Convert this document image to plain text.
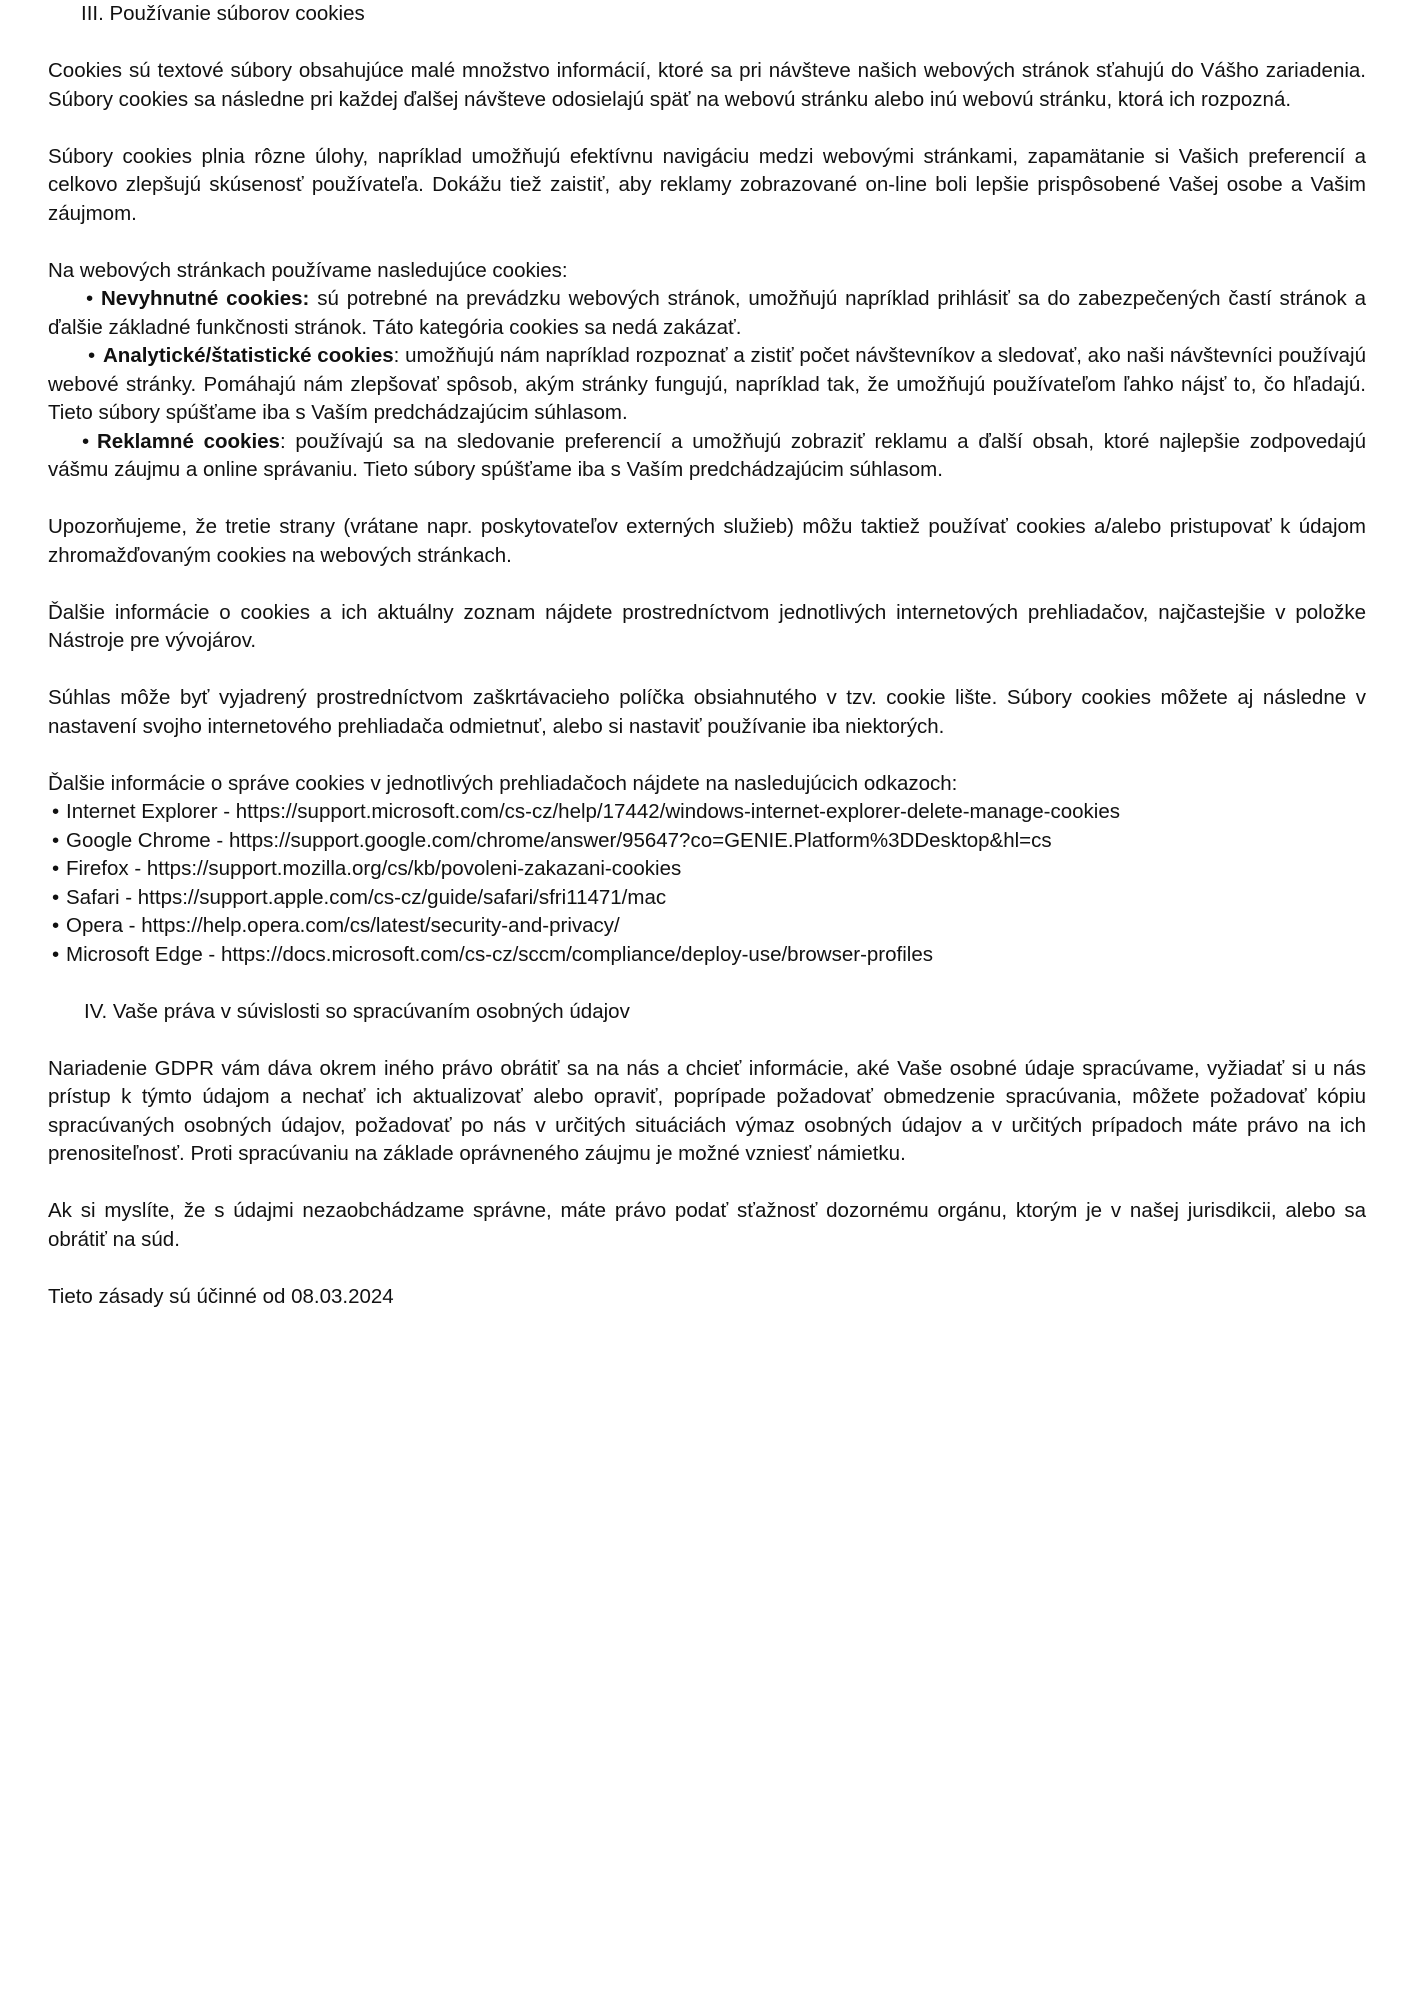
III. Používanie súborov cookies

Cookies sú textové súbory obsahujúce malé množstvo informácií, ktoré sa pri návšteve našich webových stránok sťahujú do Vášho zariadenia. Súbory cookies sa následne pri každej ďalšej návšteve odosielajú späť na webovú stránku alebo inú webovú stránku, ktorá ich rozpozná.

Súbory cookies plnia rôzne úlohy, napríklad umožňujú efektívnu navigáciu medzi webovými stránkami, zapamätanie si Vašich preferencií a celkovo zlepšujú skúsenosť používateľa. Dokážu tiež zaistiť, aby reklamy zobrazované on-line boli lepšie prispôsobené Vašej osobe a Vašim záujmom.

Na webových stránkach používame nasledujúce cookies:

• Nevyhnutné cookies: sú potrebné na prevádzku webových stránok, umožňujú napríklad prihlásiť sa do zabezpečených častí stránok a ďalšie základné funkčnosti stránok. Táto kategória cookies sa nedá zakázať.

• Analytické/štatistické cookies: umožňujú nám napríklad rozpoznať a zistiť počet návštevníkov a sledovať, ako naši návštevníci používajú webové stránky. Pomáhajú nám zlepšovať spôsob, akým stránky fungujú, napríklad tak, že umožňujú používateľom ľahko nájsť to, čo hľadajú. Tieto súbory spúšťame iba s Vaším predchádzajúcim súhlasom.

• Reklamné cookies: používajú sa na sledovanie preferencií a umožňujú zobraziť reklamu a ďalší obsah, ktoré najlepšie zodpovedajú vášmu záujmu a online správaniu. Tieto súbory spúšťame iba s Vaším predchádzajúcim súhlasom.

Upozorňujeme, že tretie strany (vrátane napr. poskytovateľov externých služieb) môžu taktiež používať cookies a/alebo pristupovať k údajom zhromažďovaným cookies na webových stránkach.

Ďalšie informácie o cookies a ich aktuálny zoznam nájdete prostredníctvom jednotlivých internetových prehliadačov, najčastejšie v položke Nástroje pre vývojárov.

Súhlas môže byť vyjadrený prostredníctvom zaškrtávacieho políčka obsiahnutého v tzv. cookie lište. Súbory cookies môžete aj následne v nastavení svojho internetového prehliadača odmietnuť, alebo si nastaviť používanie iba niektorých.

Ďalšie informácie o správe cookies v jednotlivých prehliadačoch nájdete na nasledujúcich odkazoch:

• Internet Explorer - https://support.microsoft.com/cs-cz/help/17442/windows-internet-explorer-delete-manage-cookies
• Google Chrome - https://support.google.com/chrome/answer/95647?co=GENIE.Platform%3DDesktop&hl=cs
• Firefox - https://support.mozilla.org/cs/kb/povoleni-zakazani-cookies
• Safari - https://support.apple.com/cs-cz/guide/safari/sfri11471/mac
• Opera - https://help.opera.com/cs/latest/security-and-privacy/
• Microsoft Edge - https://docs.microsoft.com/cs-cz/sccm/compliance/deploy-use/browser-profiles
IV. Vaše práva v súvislosti so spracúvaním osobných údajov

Nariadenie GDPR vám dáva okrem iného právo obrátiť sa na nás a chcieť informácie, aké Vaše osobné údaje spracúvame, vyžiadať si u nás prístup k týmto údajom a nechať ich aktualizovať alebo opraviť, poprípade požadovať obmedzenie spracúvania, môžete požadovať kópiu spracúvaných osobných údajov, požadovať po nás v určitých situáciách výmaz osobných údajov a v určitých prípadoch máte právo na ich prenositeľnosť. Proti spracúvaniu na základe oprávneného záujmu je možné vzniesť námietku.

Ak si myslíte, že s údajmi nezaobchádzame správne, máte právo podať sťažnosť dozornému orgánu, ktorým je v našej jurisdikcii, alebo sa obrátiť na súd.

Tieto zásady sú účinné od 08.03.2024
